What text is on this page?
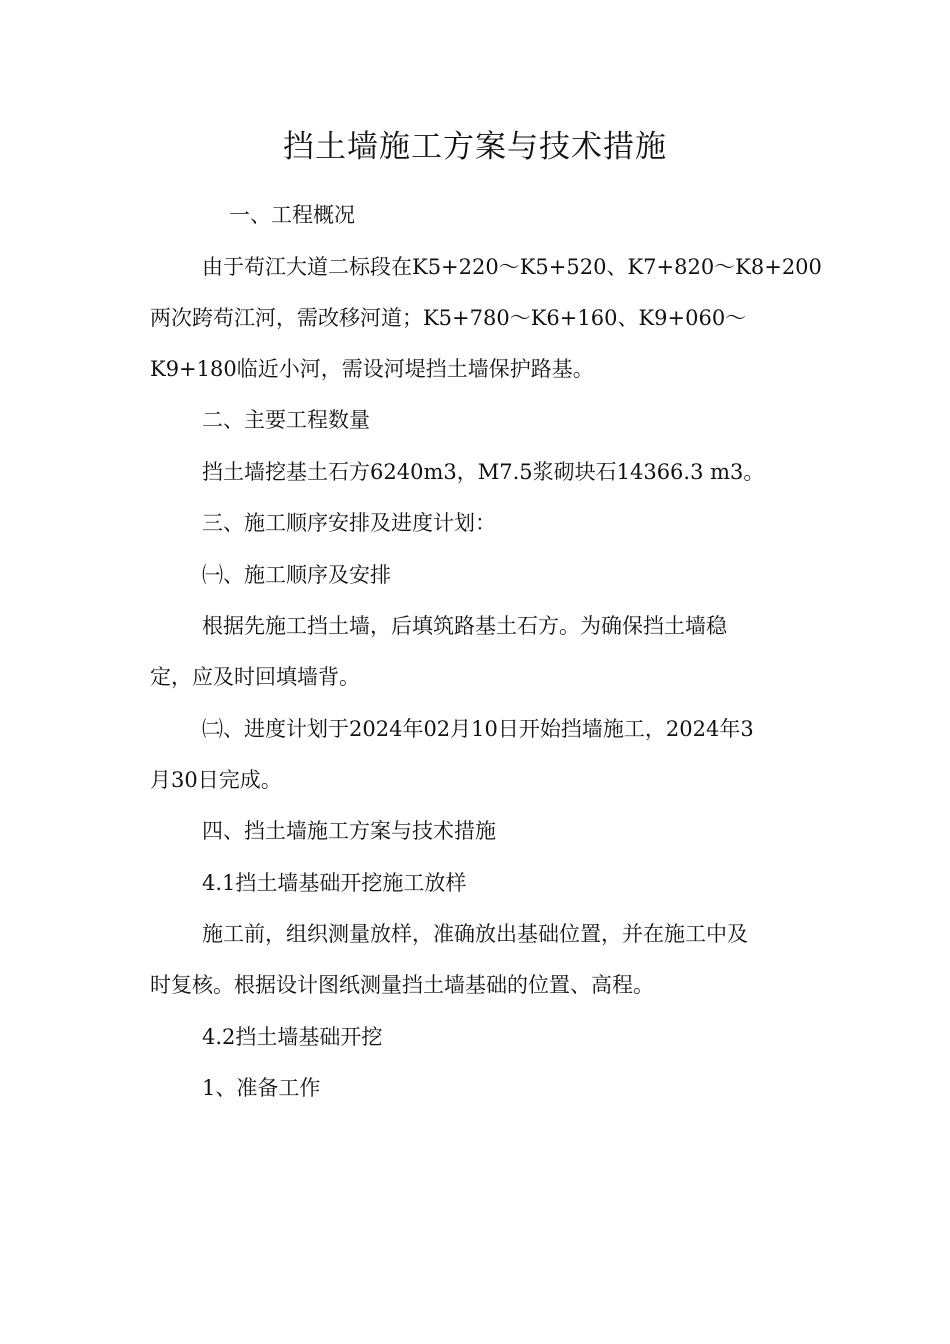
挡土墙施工方案与技术措施
一、工程概况
由于苟江大道二标段在K5+220～K5+520、K7+820～K8+200
两次跨苟江河，需改移河道；K5+780～K6+160、K9+060～
K9+180临近小河，需设河堤挡土墙保护路基。
二、主要工程数量
挡土墙挖基土石方6240m3，M7.5浆砌块石14366.3 m3。
三、施工顺序安排及进度计划：
㈠、施工顺序及安排
根据先施工挡土墙，后填筑路基土石方。为确保挡土墙稳
定，应及时回填墙背。
㈡、进度计划于2024年02月10日开始挡墙施工，2024年3
月30日完成。
四、挡土墙施工方案与技术措施
4.1挡土墙基础开挖施工放样
施工前，组织测量放样，准确放出基础位置，并在施工中及
时复核。根据设计图纸测量挡土墙基础的位置、高程。
4.2挡土墙基础开挖
1、准备工作
